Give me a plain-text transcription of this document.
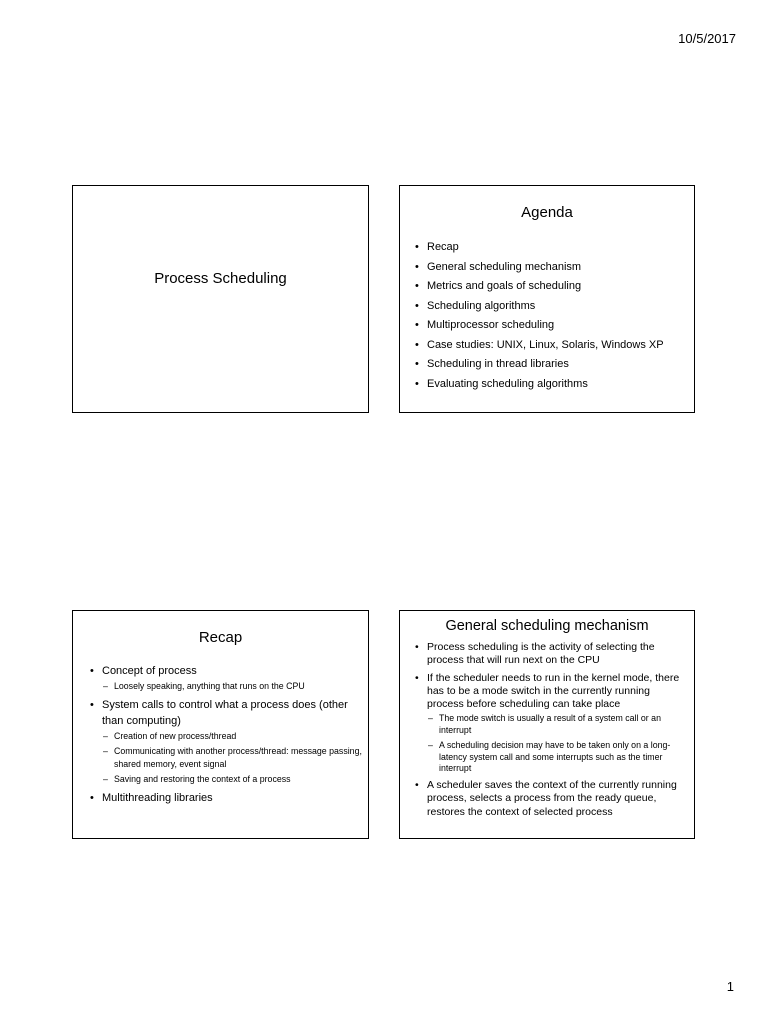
10/5/2017
Process Scheduling
Agenda
• Recap
• General scheduling mechanism
• Metrics and goals of scheduling
• Scheduling algorithms
• Multiprocessor scheduling
• Case studies: UNIX, Linux, Solaris, Windows XP
• Scheduling in thread libraries
• Evaluating scheduling algorithms
Recap
• Concept of process
– Loosely speaking, anything that runs on the CPU
• System calls to control what a process does (other than computing)
– Creation of new process/thread
– Communicating with another process/thread: message passing, shared memory, event signal
– Saving and restoring the context of a process
• Multithreading libraries
General scheduling mechanism
• Process scheduling is the activity of selecting the process that will run next on the CPU
• If the scheduler needs to run in the kernel mode, there has to be a mode switch in the currently running process before scheduling can take place
– The mode switch is usually a result of a system call or an interrupt
– A scheduling decision may have to be taken only on a long-latency system call and some interrupts such as the timer interrupt
• A scheduler saves the context of the currently running process, selects a process from the ready queue, restores the context of selected process
1
